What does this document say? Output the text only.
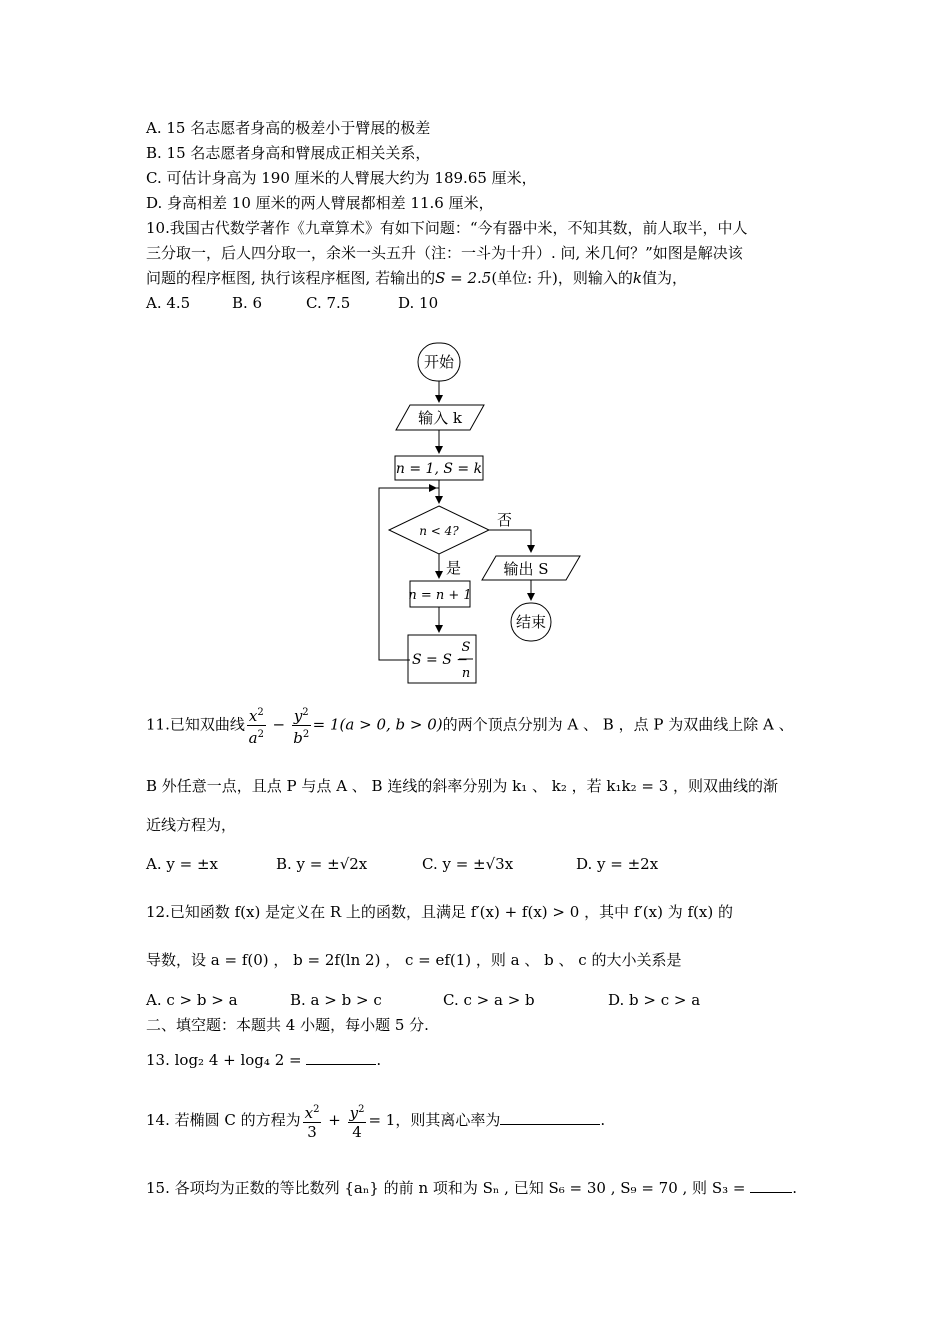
A. 15 名志愿者身高的极差小于臂展的极差
B. 15 名志愿者身高和臂展成正相关关系，
C. 可估计身高为 190 厘米的人臂展大约为 189.65 厘米，
D. 身高相差 10 厘米的两人臂展都相差 11.6 厘米，
10.我国古代数学著作《九章算术》有如下问题：“今有器中米，不知其数，前人取半，中人
三分取一，后人四分取一，余米一头五升（注：一斗为十升）. 问, 米几何？”如图是解决该
问题的程序框图, 执行该程序框图, 若输出的S = 2.5(单位: 升)，则输入的k值为，
A. 4.5	B. 6	C. 7.5	D. 10
开始
输入 k
n = 1, S = k
n < 4?
否
输出 S
结束
是
n = n + 1
S = S −
S
n
11.已知双曲线 $\frac{x^2}{a^2} - \frac{y^2}{b^2} = 1(a > 0$, b > 0)的两个顶点分别为 A 、 B ，点 P 为双曲线上除 A 、
B 外任意一点，且点 P 与点 A 、 B 连线的斜率分别为 k₁ 、 k₂ ，若 k₁k₂ = 3 ，则双曲线的渐
近线方程为，
A. y = ±x	B. y = ±√2x	C. y = ±√3x	D. y = ±2x
12.已知函数 f(x) 是定义在 R 上的函数，且满足 f′(x) + f(x) > 0 ，其中 f′(x) 为 f(x) 的
导数，设 a = f(0) ， b = 2f(ln 2) ， c = ef(1) ，则 a 、 b 、 c 的大小关系是
A. c > b > a	B. a > b > c	C. c > a > b	D. b > c > a
二、填空题：本题共 4 小题，每小题 5 分.
13. log₂ 4 + log₄ 2 =	.
14. 若椭圆 C 的方程为 $\frac{x^2}{3} + \frac{y^2}{4} = 1$，则其离心率为	.
15. 各项均为正数的等比数列 {aₙ} 的前 n 项和为 Sₙ , 已知 S₆ = 30 , S₉ = 70 , 则 S₃ =	.
